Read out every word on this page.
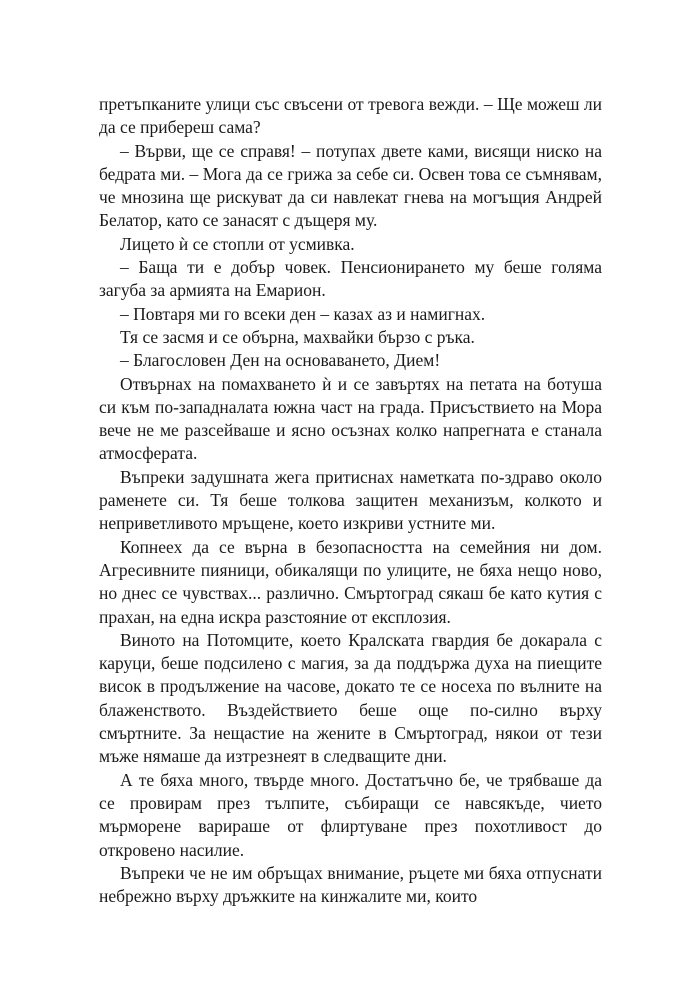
претъпканите улици със свъсени от тревога вежди. – Ще можеш ли да се прибереш сама?

– Върви, ще се справя! – потупах двете ками, висящи ниско на бедрата ми. – Мога да се грижа за себе си. Освен това се съмнявам, че мнозина ще рискуват да си навлекат гнева на могъщия Андрей Белатор, като се занасят с дъщеря му.

Лицето ѝ се стопли от усмивка.

– Баща ти е добър човек. Пенсионирането му беше голяма загуба за армията на Емарион.

– Повтаря ми го всеки ден – казах аз и намигнах.

Тя се засмя и се обърна, махвайки бързо с ръка.

– Благословен Ден на основаването, Дием!

Отвърнах на помахването ѝ и се завъртях на петата на ботуша си към по-западналата южна част на града. Присъствието на Мора вече не ме разсейваше и ясно осъзнах колко напрегната е станала атмосферата.

Въпреки задушната жега притиснах наметката по-здраво около раменете си. Тя беше толкова защитен механизъм, колкото и неприветливото мръщене, което изкриви устните ми.

Копнеех да се върна в безопасността на семейния ни дом. Агресивните пияници, обикалящи по улиците, не бяха нещо ново, но днес се чувствах... различно. Смъртоград сякаш бе като кутия с прахан, на една искра разстояние от експлозия.

Виното на Потомците, което Кралската гвардия бе докарала с каруци, беше подсилено с магия, за да поддържа духа на пиещите висок в продължение на часове, докато те се носеха по вълните на блаженството. Въздействието беше още по-силно върху смъртните. За нещастие на жените в Смъртоград, някои от тези мъже нямаше да изтрезнеят в следващите дни.

А те бяха много, твърде много. Достатъчно бе, че трябваше да се провирам през тълпите, събиращи се навсякъде, чието мърморене варираше от флиртуване през похотливост до откровено насилие.

Въпреки че не им обръщах внимание, ръцете ми бяха отпуснати небрежно върху дръжките на кинжалите ми, които
